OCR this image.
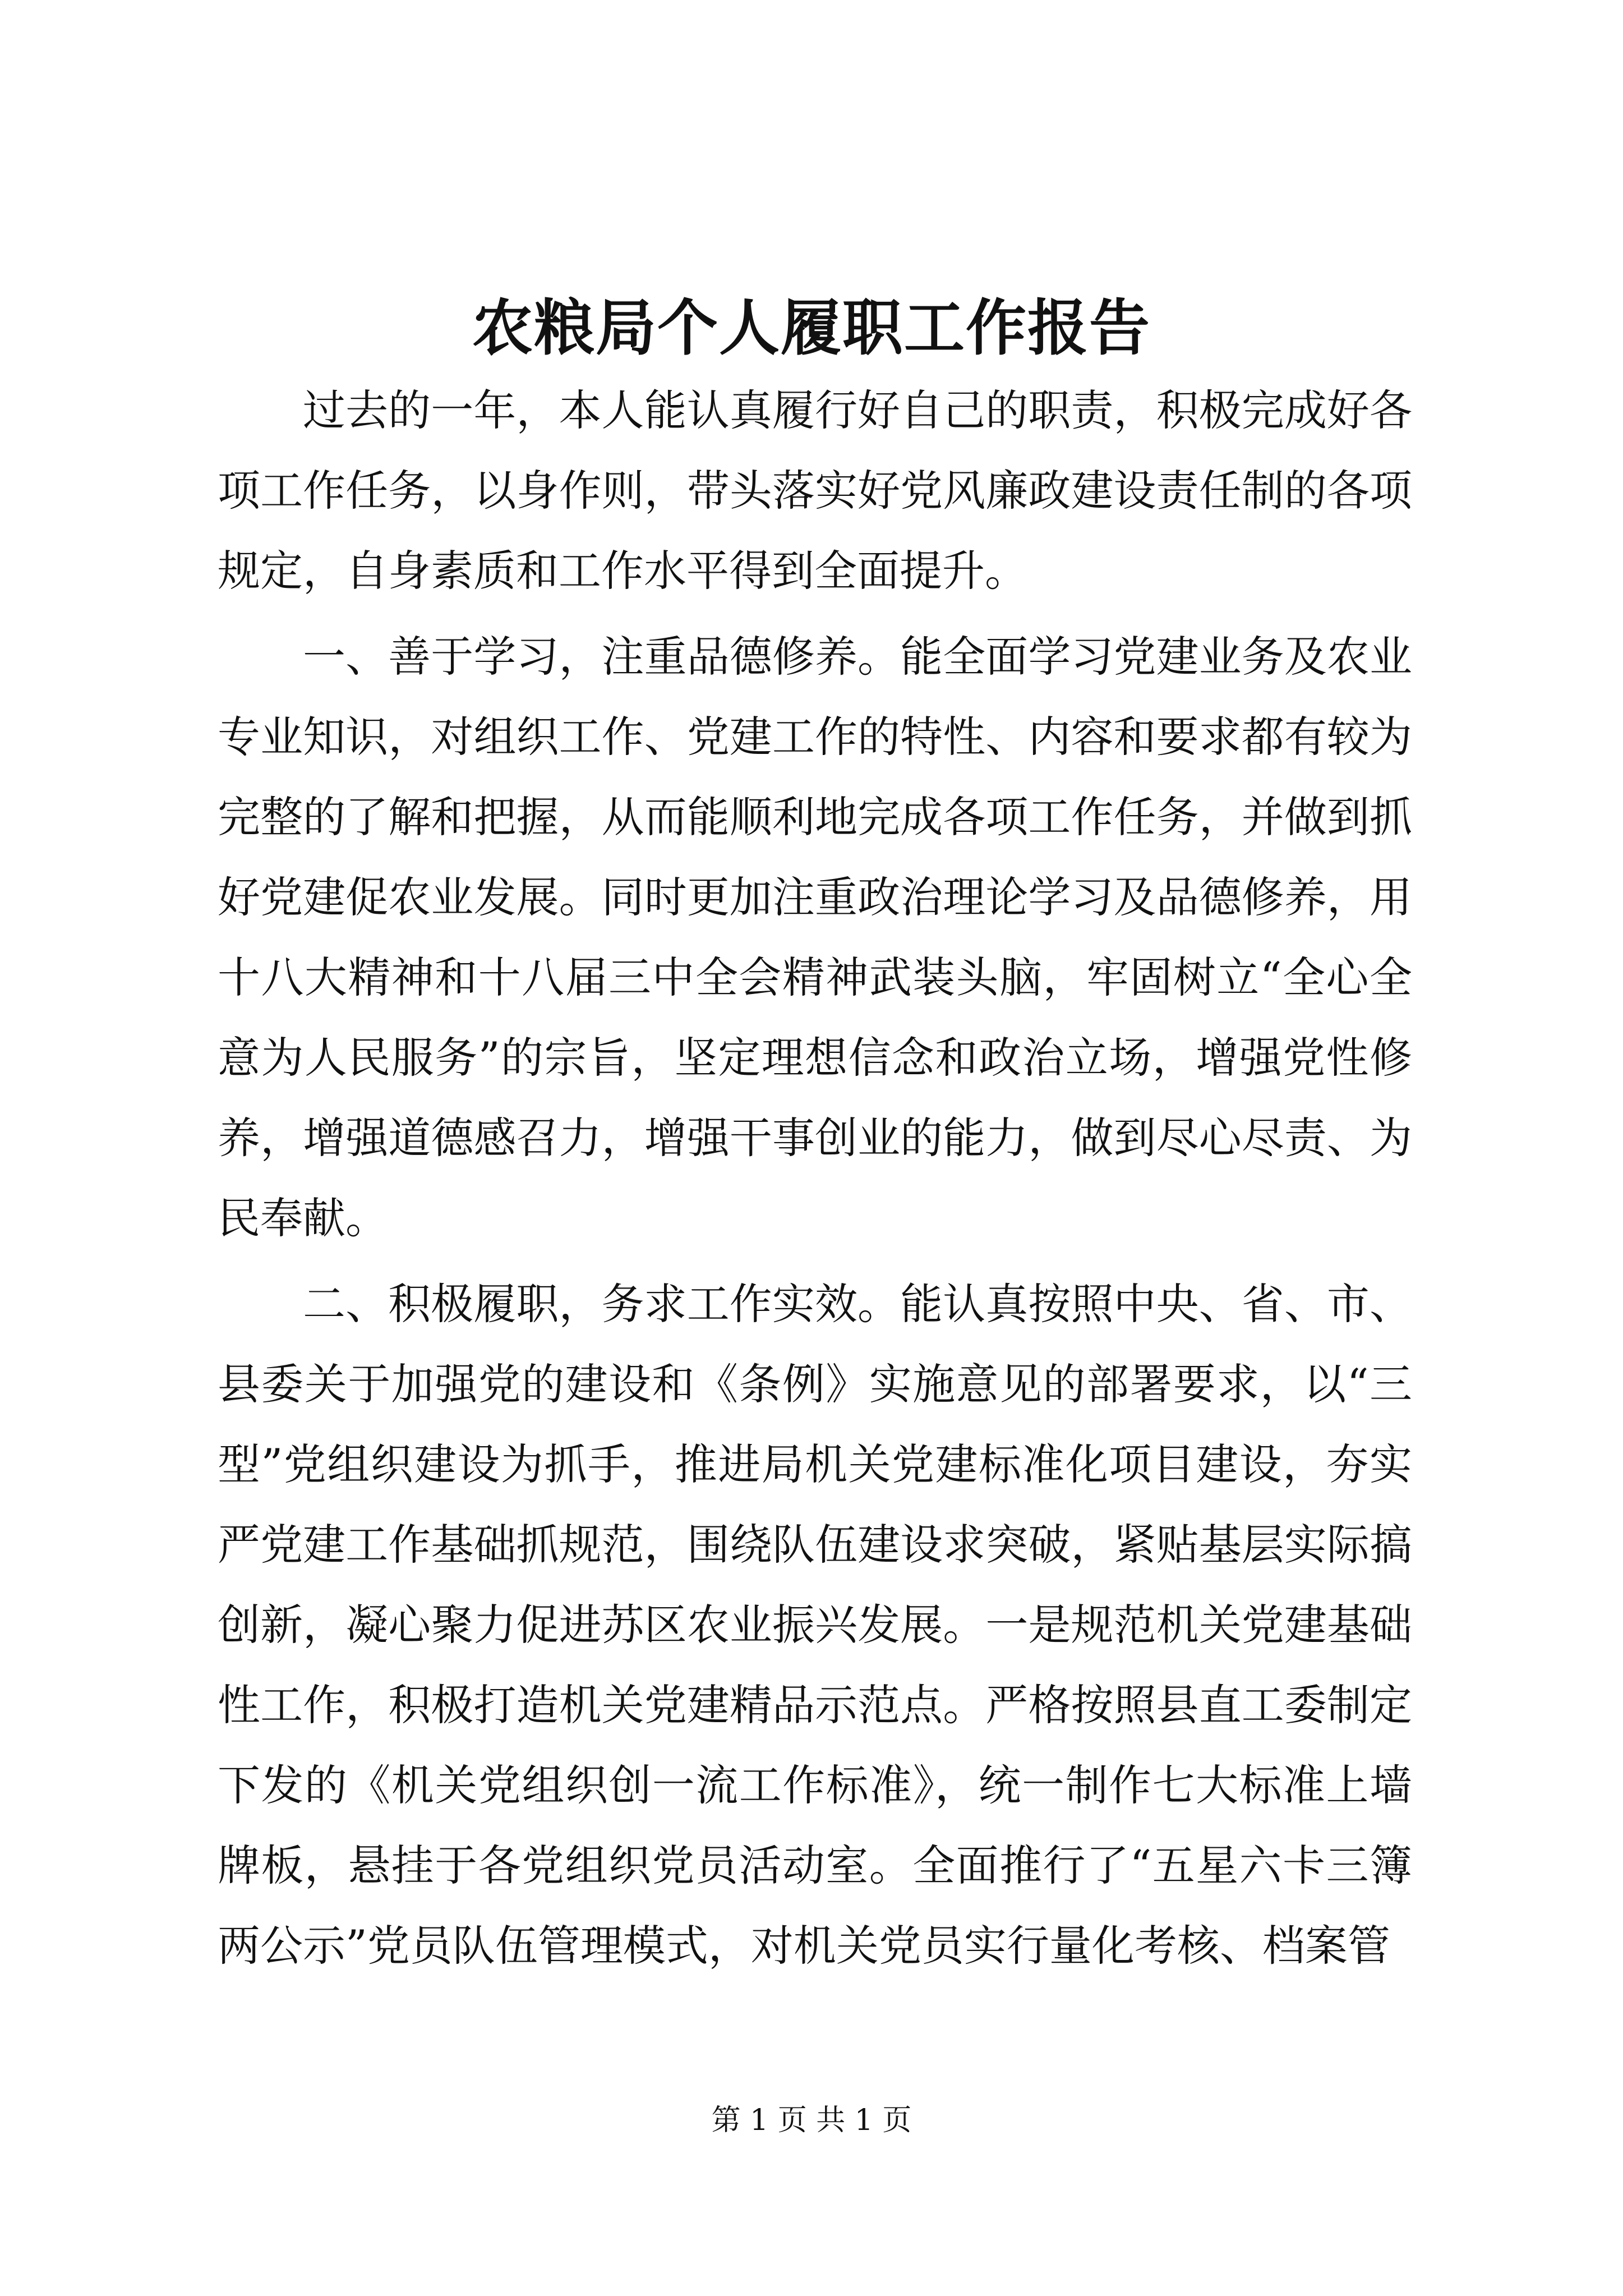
农粮局个人履职工作报告

过去的一年，本人能认真履行好自己的职责，积极完成好各项工作任务，以身作则，带头落实好党风廉政建设责任制的各项规定，自身素质和工作水平得到全面提升。

一、善于学习，注重品德修养。能全面学习党建业务及农业专业知识，对组织工作、党建工作的特性、内容和要求都有较为完整的了解和把握，从而能顺利地完成各项工作任务，并做到抓好党建促农业发展。同时更加注重政治理论学习及品德修养，用十八大精神和十八届三中全会精神武装头脑，牢固树立“全心全意为人民服务”的宗旨，坚定理想信念和政治立场，增强党性修养，增强道德感召力，增强干事创业的能力，做到尽心尽责、为民奉献。

二、积极履职，务求工作实效。能认真按照中央、省、市、县委关于加强党的建设和《条例》实施意见的部署要求，以“三型”党组织建设为抓手，推进局机关党建标准化项目建设，夯实严党建工作基础抓规范，围绕队伍建设求突破，紧贴基层实际搞创新，凝心聚力促进苏区农业振兴发展。一是规范机关党建基础性工作，积极打造机关党建精品示范点。严格按照县直工委制定下发的《机关党组织创一流工作标准》，统一制作七大标准上墙牌板，悬挂于各党组织党员活动室。全面推行了“五星六卡三簿两公示”党员队伍管理模式，对机关党员实行量化考核、档案管

第 1 页 共 1 页
